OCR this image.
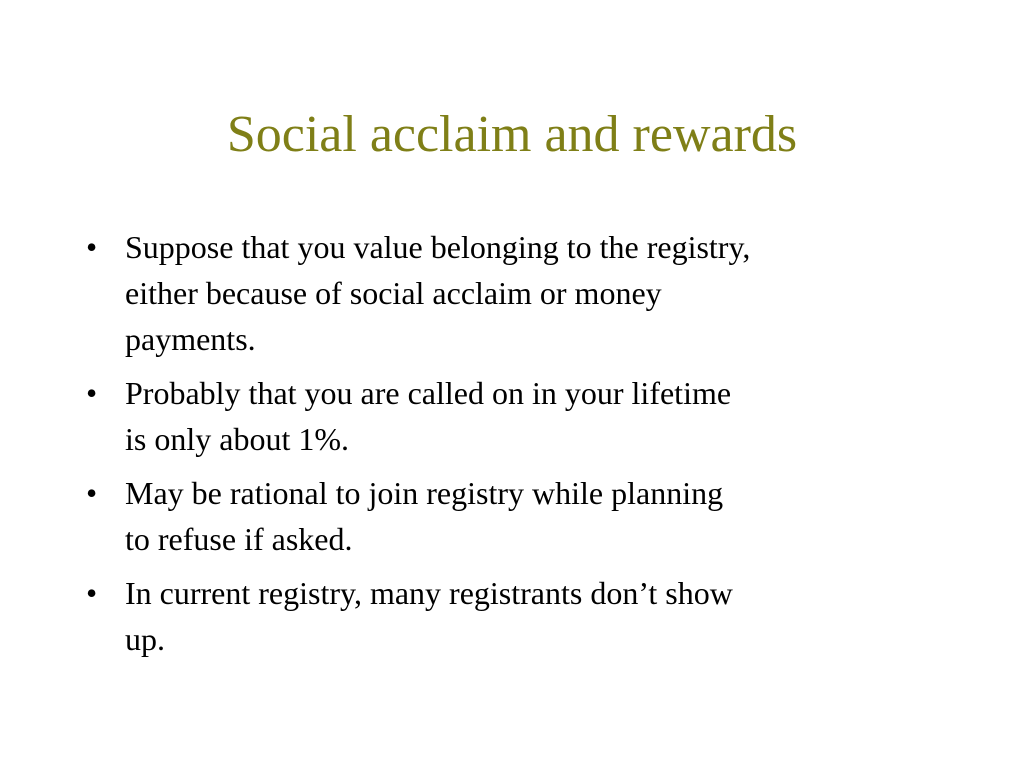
Social acclaim and rewards
• Suppose that you value belonging to the registry,
either because of social acclaim or money
payments.
• Probably that you are called on in your lifetime
is only about 1%.
• May be rational to join registry while planning
to refuse if asked.
• In current registry, many registrants don’t show
up.
